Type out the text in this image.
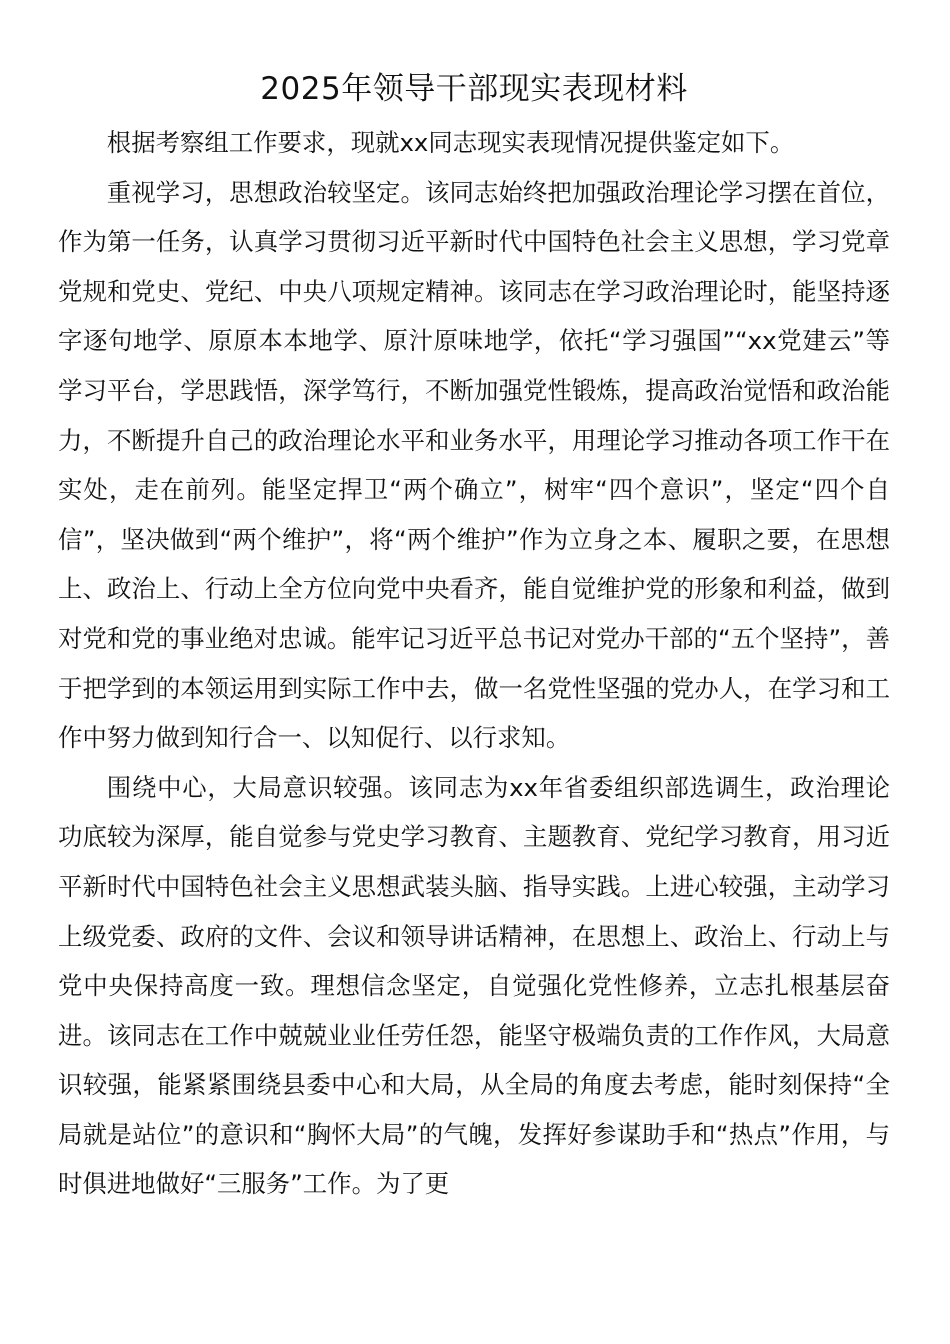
2025年领导干部现实表现材料

根据考察组工作要求，现就xx同志现实表现情况提供鉴定如下。

重视学习，思想政治较坚定。该同志始终把加强政治理论学习摆在首位，作为第一任务，认真学习贯彻习近平新时代中国特色社会主义思想，学习党章党规和党史、党纪、中央八项规定精神。该同志在学习政治理论时，能坚持逐字逐句地学、原原本本地学、原汁原味地学，依托“学习强国”“xx党建云”等学习平台，学思践悟，深学笃行，不断加强党性锻炼，提高政治觉悟和政治能力，不断提升自己的政治理论水平和业务水平，用理论学习推动各项工作干在实处，走在前列。能坚定捍卫“两个确立”，树牢“四个意识”，坚定“四个自信”，坚决做到“两个维护”，将“两个维护”作为立身之本、履职之要，在思想上、政治上、行动上全方位向党中央看齐，能自觉维护党的形象和利益，做到对党和党的事业绝对忠诚。能牢记习近平总书记对党办干部的“五个坚持”，善于把学到的本领运用到实际工作中去，做一名党性坚强的党办人，在学习和工作中努力做到知行合一、以知促行、以行求知。

围绕中心，大局意识较强。该同志为xx年省委组织部选调生，政治理论功底较为深厚，能自觉参与党史学习教育、主题教育、党纪学习教育，用习近平新时代中国特色社会主义思想武装头脑、指导实践。上进心较强，主动学习上级党委、政府的文件、会议和领导讲话精神，在思想上、政治上、行动上与党中央保持高度一致。理想信念坚定，自觉强化党性修养，立志扎根基层奋进。该同志在工作中兢兢业业任劳任怨，能坚守极端负责的工作作风，大局意识较强，能紧紧围绕县委中心和大局，从全局的角度去考虑，能时刻保持“全局就是站位”的意识和“胸怀大局”的气魄，发挥好参谋助手和“热点”作用，与时俱进地做好“三服务”工作。为了更
